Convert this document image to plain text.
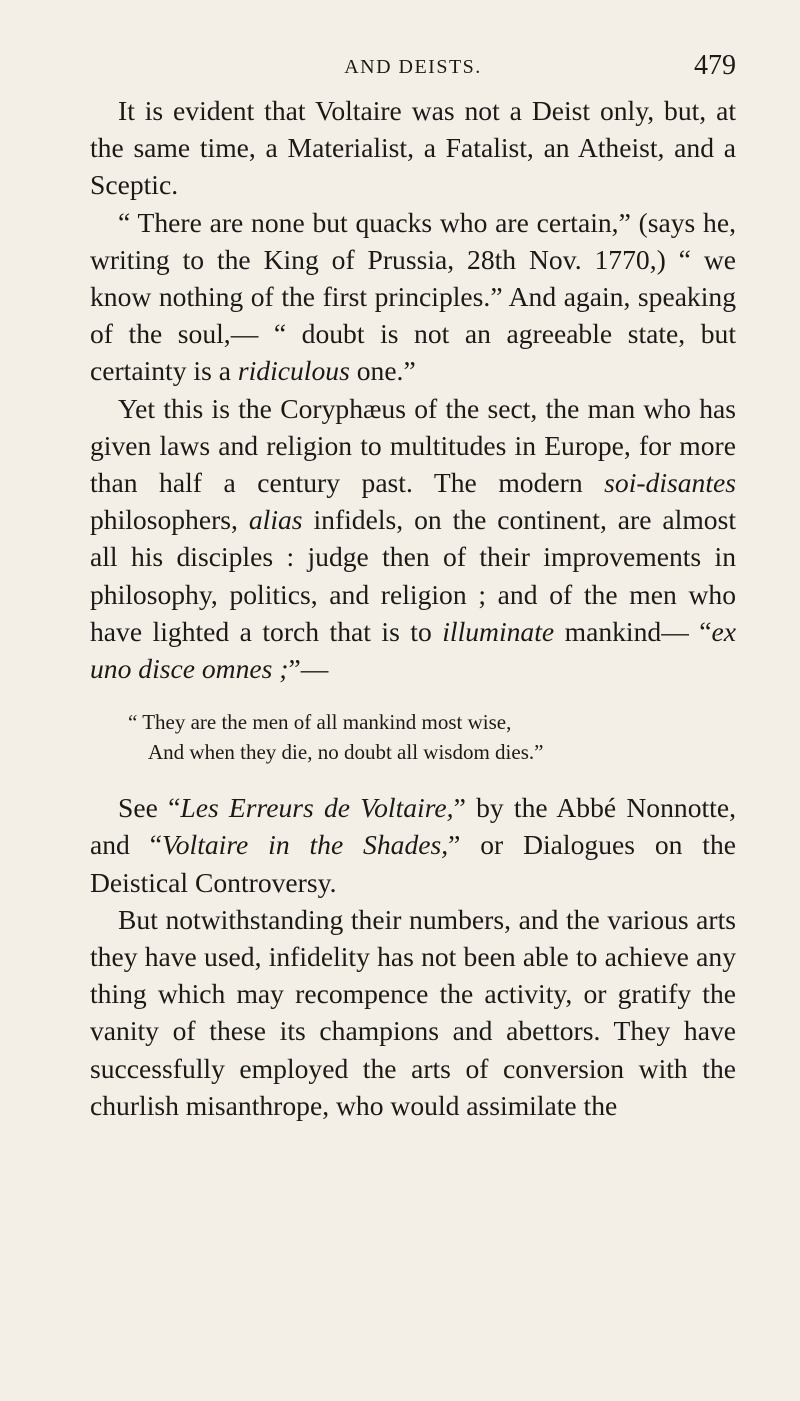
AND DEISTS.	479

It is evident that Voltaire was not a Deist only, but, at the same time, a Materialist, a Fatalist, an Atheist, and a Sceptic.

“ There are none but quacks who are certain,” (says he, writing to the King of Prussia, 28th Nov. 1770,) “ we know nothing of the first principles.” And again, speaking of the soul,— “ doubt is not an agreeable state, but certainty is a ridiculous one.”

Yet this is the Coryphæus of the sect, the man who has given laws and religion to multitudes in Europe, for more than half a century past. The modern soi-disantes philosophers, alias infidels, on the continent, are almost all his disciples : judge then of their improvements in philosophy, politics, and religion ; and of the men who have lighted a torch that is to illuminate mankind— “ex uno disce omnes ;”—

“ They are the men of all mankind most wise,
And when they die, no doubt all wisdom dies.”

See “Les Erreurs de Voltaire,” by the Abbé Nonnotte, and “Voltaire in the Shades,” or Dialogues on the Deistical Controversy.

But notwithstanding their numbers, and the various arts they have used, infidelity has not been able to achieve any thing which may recompence the activity, or gratify the vanity of these its champions and abettors. They have successfully employed the arts of conversion with the churlish misanthrope, who would assimilate the
